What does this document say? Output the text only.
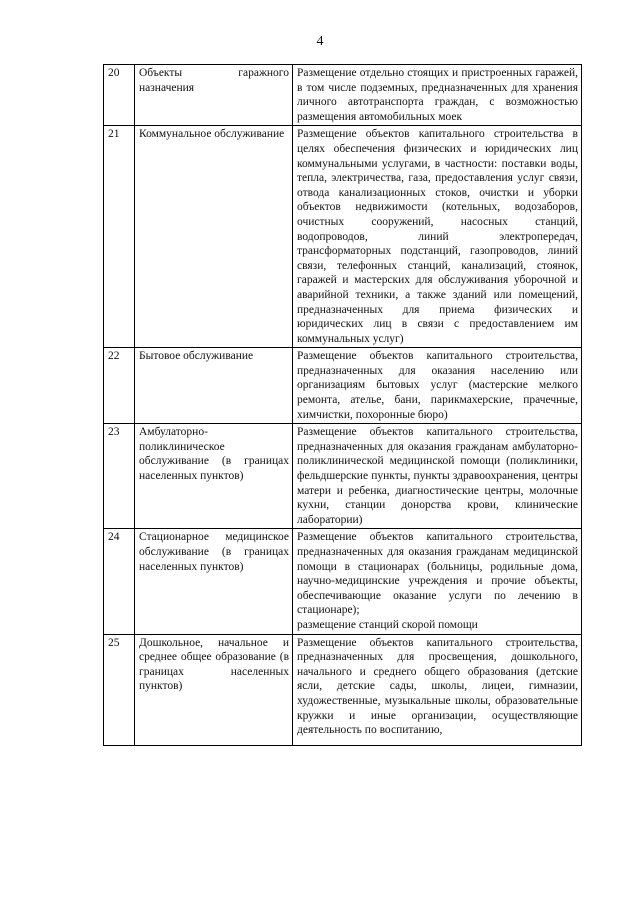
4
20	Объекты гаражного назначения	Размещение отдельно стоящих и пристроенных гаражей, в том числе подземных, предназначенных для хранения личного автотранспорта граждан, с возможностью размещения автомобильных моек

21	Коммунальное обслуживание	Размещение объектов капитального строительства в целях обеспечения физических и юридических лиц коммунальными услугами, в частности: поставки воды, тепла, электричества, газа, предоставления услуг связи, отвода канализационных стоков, очистки и уборки объектов недвижимости (котельных, водозаборов, очистных сооружений, насосных станций, водопроводов, линий электропередач, трансформаторных подстанций, газопроводов, линий связи, телефонных станций, канализаций, стоянок, гаражей и мастерских для обслуживания уборочной и аварийной техники, а также зданий или помещений, предназначенных для приема физических и юридических лиц в связи с предоставлением им коммунальных услуг)

22	Бытовое обслуживание	Размещение объектов капитального строительства, предназначенных для оказания населению или организациям бытовых услуг (мастерские мелкого ремонта, ателье, бани, парикмахерские, прачечные, химчистки, похоронные бюро)

23	Амбулаторно-поликлиническое обслуживание (в границах населенных пунктов)	Размещение объектов капитального строительства, предназначенных для оказания гражданам амбулаторно-поликлинической медицинской помощи (поликлиники, фельдшерские пункты, пункты здравоохранения, центры матери и ребенка, диагностические центры, молочные кухни, станции донорства крови, клинические лаборатории)

24	Стационарное медицинское обслуживание (в границах населенных пунктов)	Размещение объектов капитального строительства, предназначенных для оказания гражданам медицинской помощи в стационарах (больницы, родильные дома, научно-медицинские учреждения и прочие объекты, обеспечивающие оказание услуги по лечению в стационаре);
размещение станций скорой помощи

25	Дошкольное, начальное и среднее общее образование (в границах населенных пунктов)	Размещение объектов капитального строительства, предназначенных для просвещения, дошкольного, начального и среднего общего образования (детские ясли, детские сады, школы, лицеи, гимназии, художественные, музыкальные школы, образовательные кружки и иные организации, осуществляющие деятельность по воспитанию,
